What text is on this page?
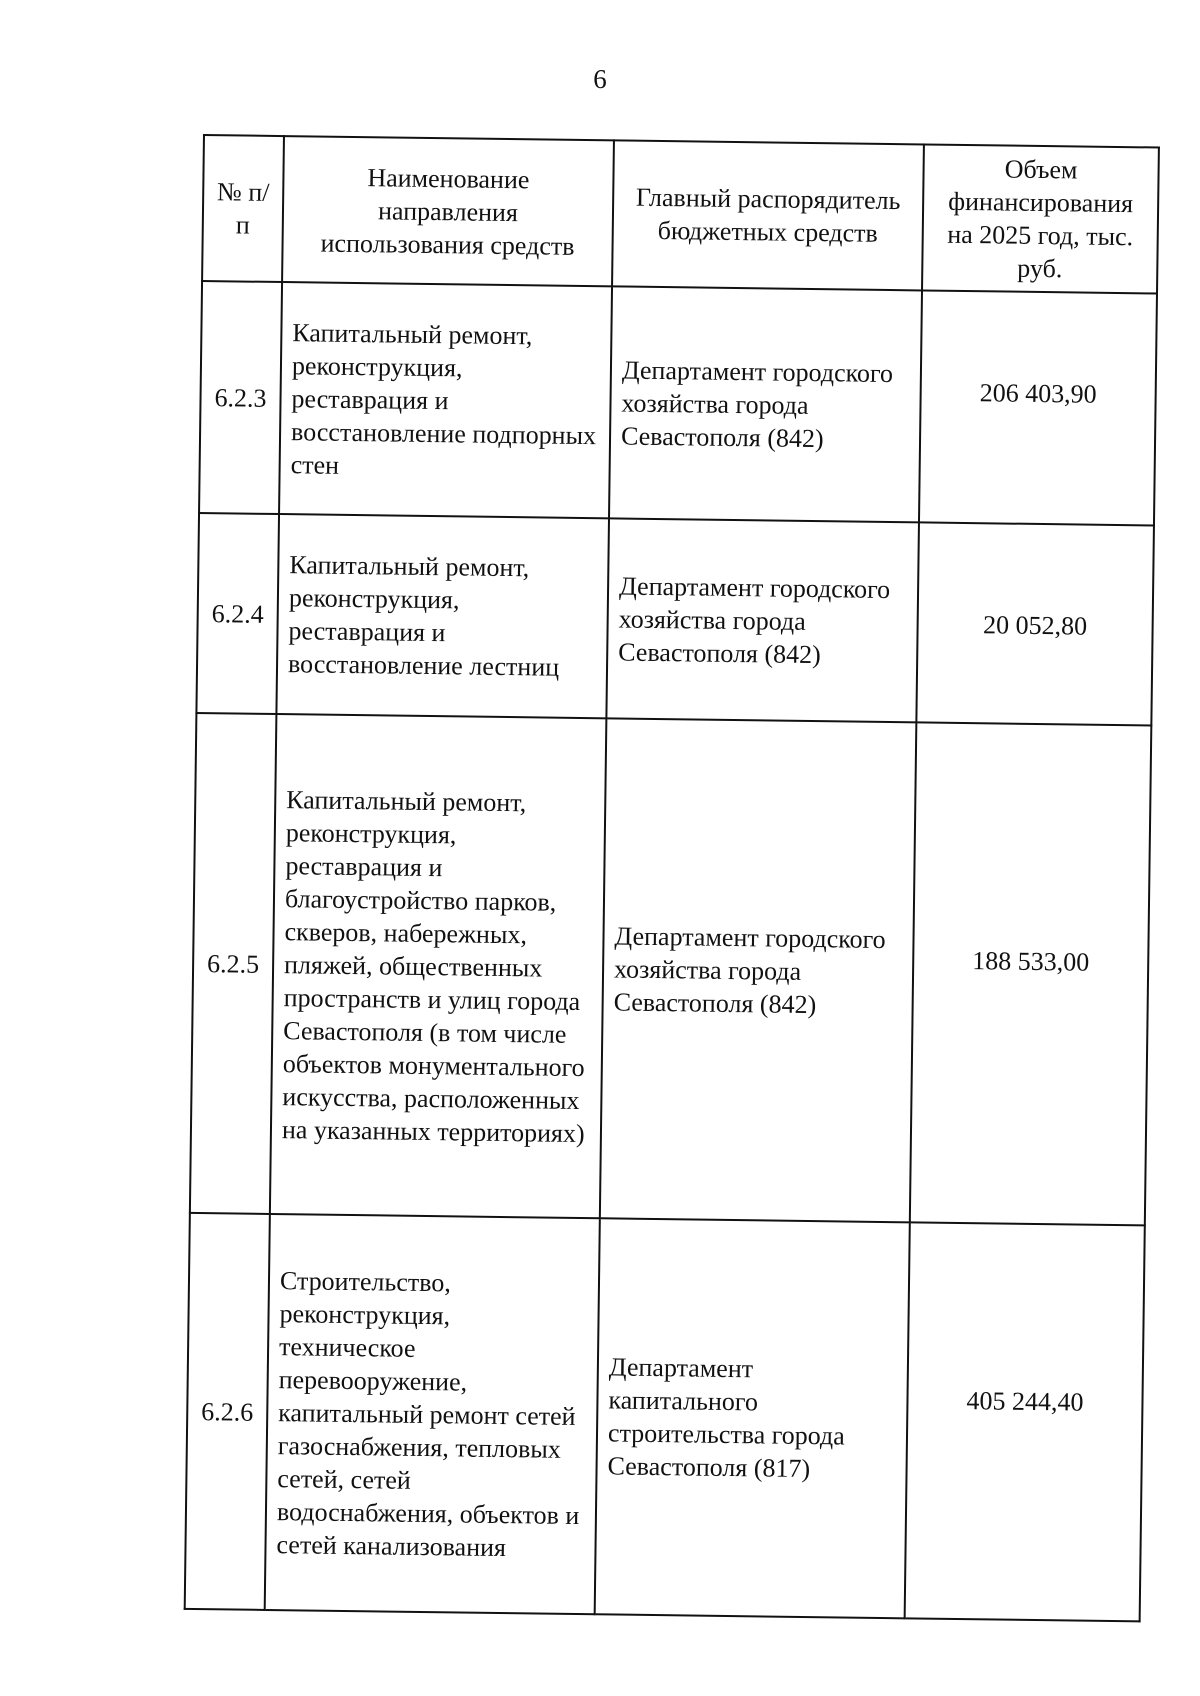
6
№ п/п	Наименование направления использования средств	Главный распорядитель бюджетных средств	Объем финансирования на 2025 год, тыс. руб.
6.2.3	Капитальный ремонт, реконструкция, реставрация и восстановление подпорных стен	Департамент городского хозяйства города Севастополя (842)	206 403,90
6.2.4	Капитальный ремонт, реконструкция, реставрация и восстановление лестниц	Департамент городского хозяйства города Севастополя (842)	20 052,80
6.2.5	Капитальный ремонт, реконструкция, реставрация и благоустройство парков, скверов, набережных, пляжей, общественных пространств и улиц города Севастополя (в том числе объектов монументального искусства, расположенных на указанных территориях)	Департамент городского хозяйства города Севастополя (842)	188 533,00
6.2.6	Строительство, реконструкция, техническое перевооружение, капитальный ремонт сетей газоснабжения, тепловых сетей, сетей водоснабжения, объектов и сетей канализования	Департамент капитального строительства города Севастополя (817)	405 244,40
